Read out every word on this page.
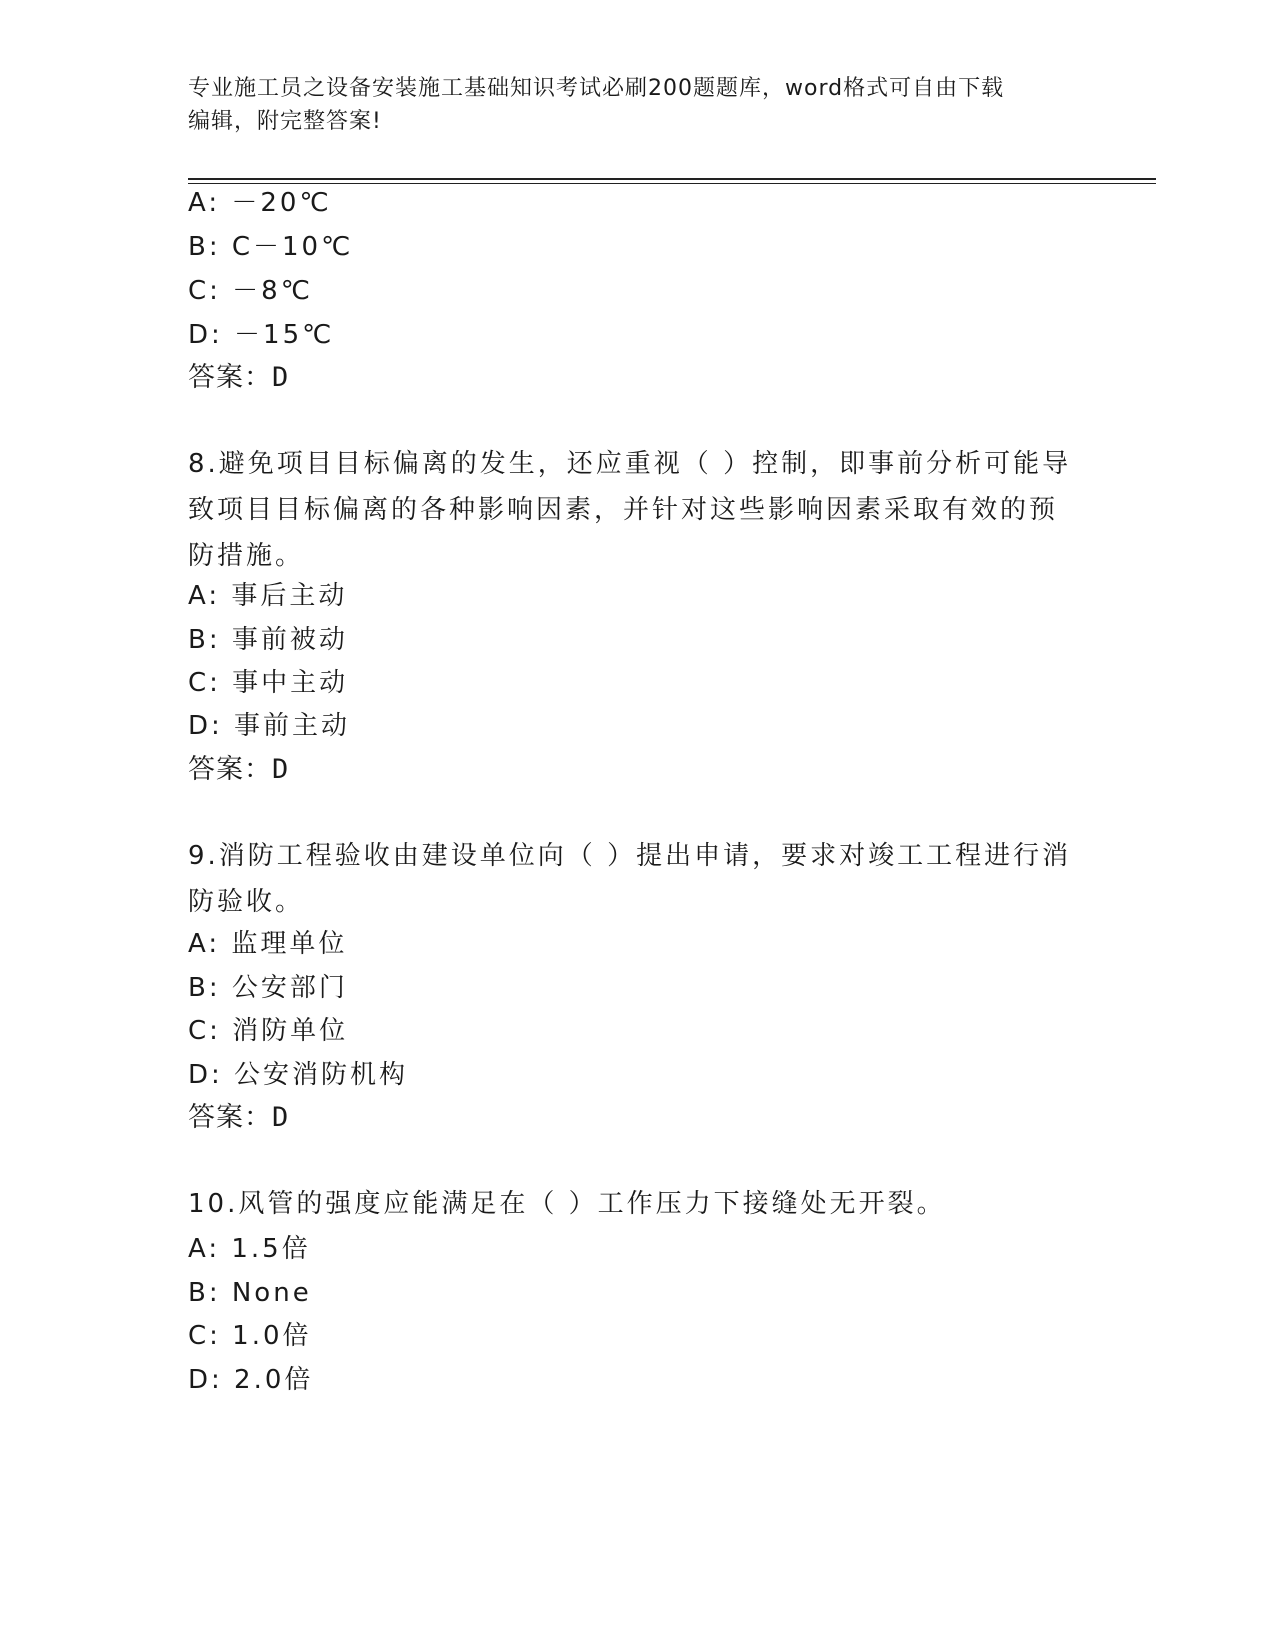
专业施工员之设备安装施工基础知识考试必刷200题题库，word格式可自由下载
编辑，附完整答案!
A: －20℃
B: C－10℃
C: －8℃
D: －15℃
答案：D
8.避免项目目标偏离的发生，还应重视（ ）控制，即事前分析可能导
致项目目标偏离的各种影响因素，并针对这些影响因素采取有效的预
防措施。
A: 事后主动
B: 事前被动
C: 事中主动
D: 事前主动
答案：D
9.消防工程验收由建设单位向（ ）提出申请，要求对竣工工程进行消
防验收。
A: 监理单位
B: 公安部门
C: 消防单位
D: 公安消防机构
答案：D
10.风管的强度应能满足在（ ）工作压力下接缝处无开裂。
A: 1.5倍
B: None
C: 1.0倍
D: 2.0倍
